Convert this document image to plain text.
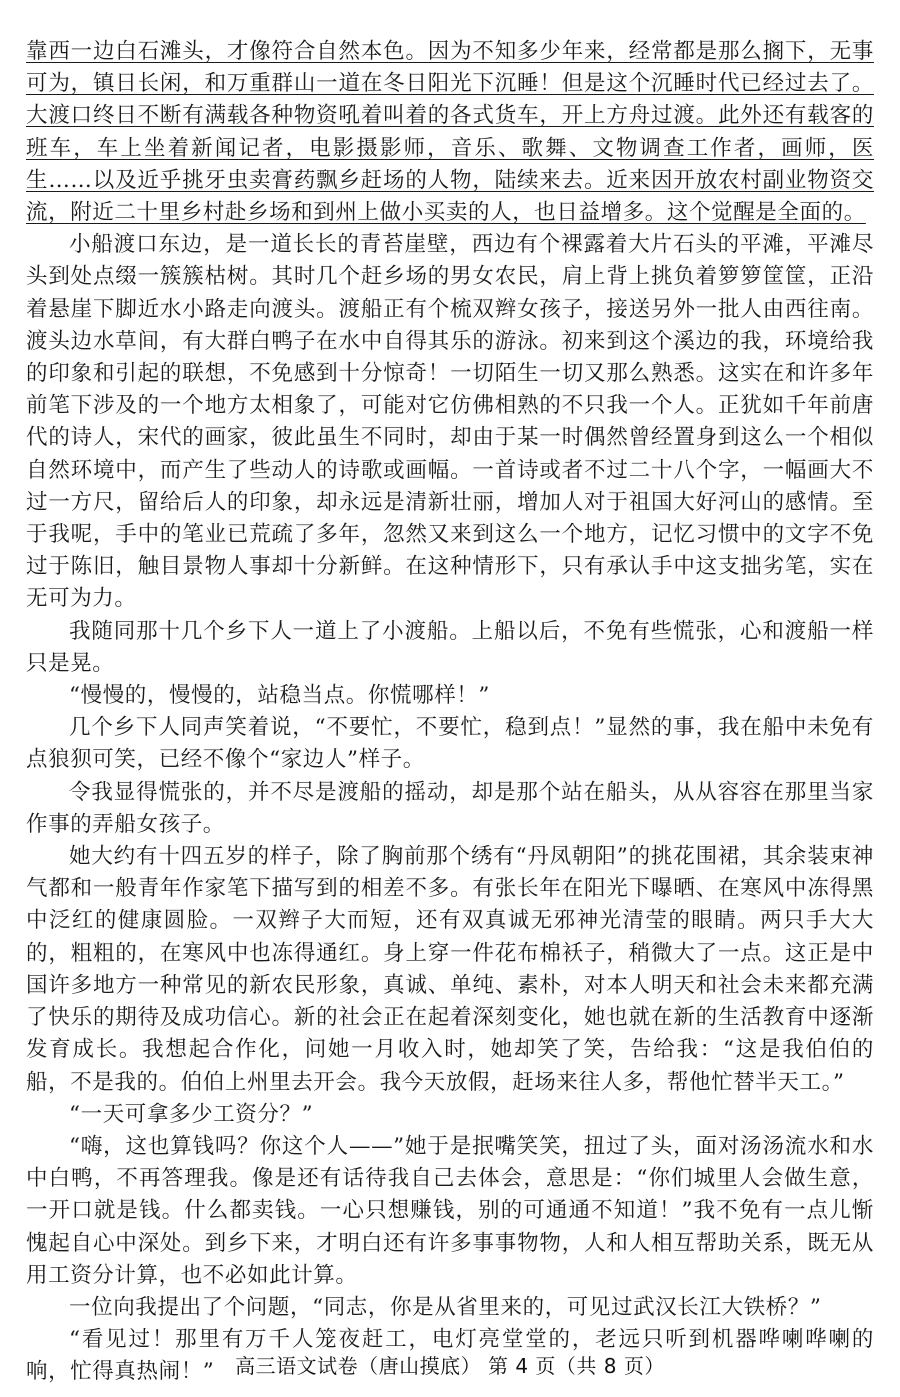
靠西一边白石滩头，才像符合自然本色。因为不知多少年来，经常都是那么搁下，无事可为，镇日长闲，和万重群山一道在冬日阳光下沉睡！但是这个沉睡时代已经过去了。大渡口终日不断有满载各种物资吼着叫着的各式货车，开上方舟过渡。此外还有载客的班车，车上坐着新闻记者，电影摄影师，音乐、歌舞、文物调查工作者，画师，医生……以及近乎挑牙虫卖膏药飘乡赶场的人物，陆续来去。近来因开放农村副业物资交流，附近二十里乡村赴乡场和到州上做小买卖的人，也日益增多。这个觉醒是全面的。

小船渡口东边，是一道长长的青苔崖壁，西边有个裸露着大片石头的平滩，平滩尽头到处点缀一簇簇枯树。其时几个赶乡场的男女农民，肩上背上挑负着箩箩筐筐，正沿着悬崖下脚近水小路走向渡头。渡船正有个梳双辫女孩子，接送另外一批人由西往南。渡头边水草间，有大群白鸭子在水中自得其乐的游泳。初来到这个溪边的我，环境给我的印象和引起的联想，不免感到十分惊奇！一切陌生一切又那么熟悉。这实在和许多年前笔下涉及的一个地方太相象了，可能对它仿佛相熟的不只我一个人。正犹如千年前唐代的诗人，宋代的画家，彼此虽生不同时，却由于某一时偶然曾经置身到这么一个相似自然环境中，而产生了些动人的诗歌或画幅。一首诗或者不过二十八个字，一幅画大不过一方尺，留给后人的印象，却永远是清新壮丽，增加人对于祖国大好河山的感情。至于我呢，手中的笔业已荒疏了多年，忽然又来到这么一个地方，记忆习惯中的文字不免过于陈旧，触目景物人事却十分新鲜。在这种情形下，只有承认手中这支拙劣笔，实在无可为力。

我随同那十几个乡下人一道上了小渡船。上船以后，不免有些慌张，心和渡船一样只是晃。

“慢慢的，慢慢的，站稳当点。你慌哪样！”

几个乡下人同声笑着说，“不要忙，不要忙，稳到点！”显然的事，我在船中未免有点狼狈可笑，已经不像个“家边人”样子。

令我显得慌张的，并不尽是渡船的摇动，却是那个站在船头，从从容容在那里当家作事的弄船女孩子。

她大约有十四五岁的样子，除了胸前那个绣有“丹凤朝阳”的挑花围裙，其余装束神气都和一般青年作家笔下描写到的相差不多。有张长年在阳光下曝晒、在寒风中冻得黑中泛红的健康圆脸。一双辫子大而短，还有双真诚无邪神光清莹的眼睛。两只手大大的，粗粗的，在寒风中也冻得通红。身上穿一件花布棉袄子，稍微大了一点。这正是中国许多地方一种常见的新农民形象，真诚、单纯、素朴，对本人明天和社会未来都充满了快乐的期待及成功信心。新的社会正在起着深刻变化，她也就在新的生活教育中逐渐发育成长。我想起合作化，问她一月收入时，她却笑了笑，告给我：“这是我伯伯的船，不是我的。伯伯上州里去开会。我今天放假，赶场来往人多，帮他忙替半天工。”

“一天可拿多少工资分？”

“嗨，这也算钱吗？你这个人——”她于是抿嘴笑笑，扭过了头，面对汤汤流水和水中白鸭，不再答理我。像是还有话待我自己去体会，意思是：“你们城里人会做生意，一开口就是钱。什么都卖钱。一心只想赚钱，别的可通通不知道！”我不免有一点儿惭愧起自心中深处。到乡下来，才明白还有许多事事物物，人和人相互帮助关系，既无从用工资分计算，也不必如此计算。

一位向我提出了个问题，“同志，你是从省里来的，可见过武汉长江大铁桥？”

“看见过！那里有万千人笼夜赶工，电灯亮堂堂的，老远只听到机器哗喇哗喇的响，忙得真热闹！”	高三语文试卷（唐山摸底） 第 4 页（共 8 页）
